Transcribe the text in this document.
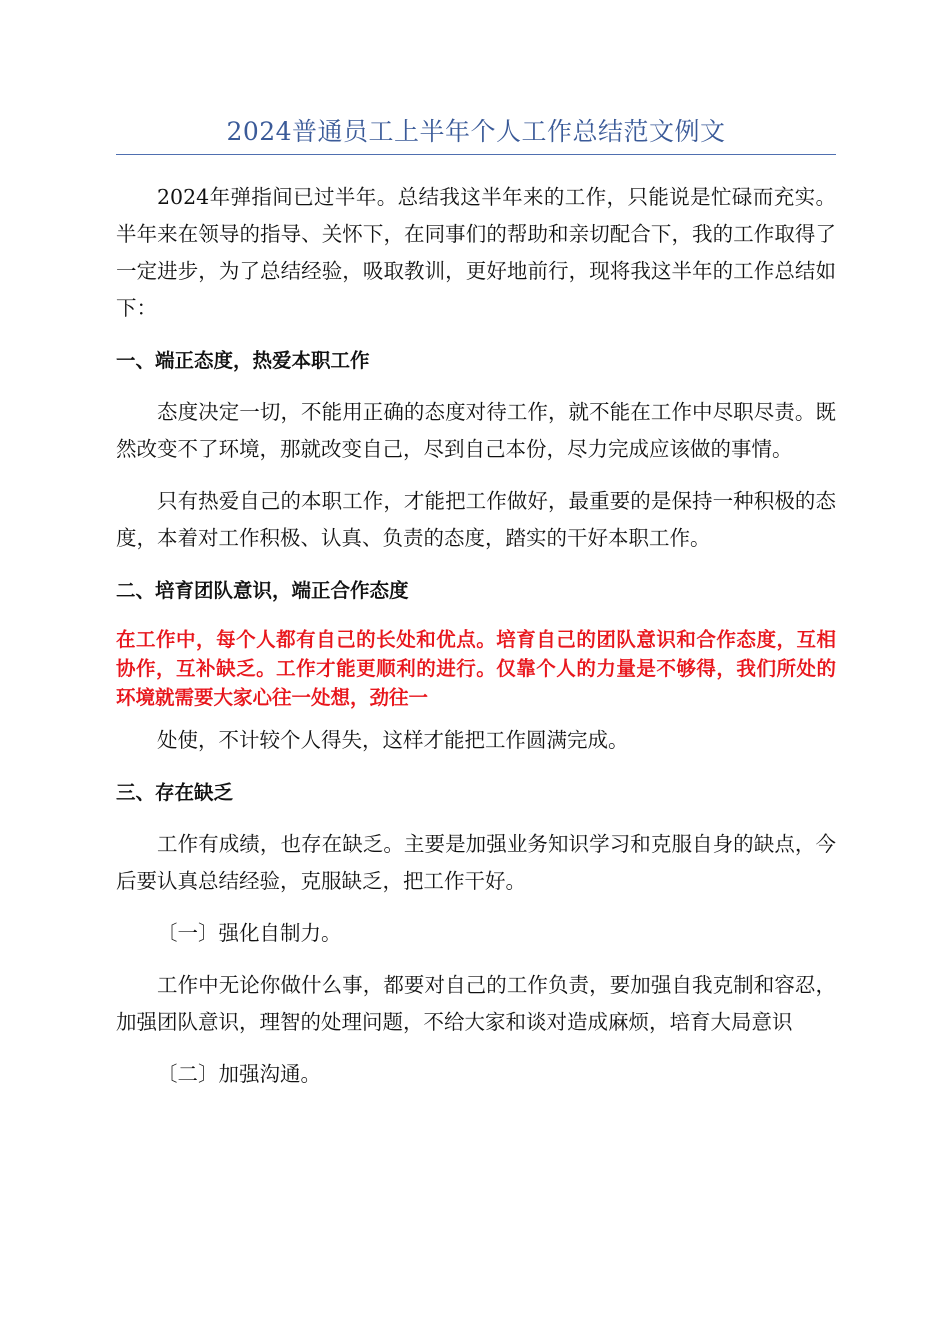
2024普通员工上半年个人工作总结范文例文

2024年弹指间已过半年。总结我这半年来的工作，只能说是忙碌而充实。半年来在领导的指导、关怀下，在同事们的帮助和亲切配合下，我的工作取得了一定进步，为了总结经验，吸取教训，更好地前行，现将我这半年的工作总结如下：

一、端正态度，热爱本职工作

态度决定一切，不能用正确的态度对待工作，就不能在工作中尽职尽责。既然改变不了环境，那就改变自己，尽到自己本份，尽力完成应该做的事情。

只有热爱自己的本职工作，才能把工作做好，最重要的是保持一种积极的态度，本着对工作积极、认真、负责的态度，踏实的干好本职工作。

二、培育团队意识，端正合作态度

在工作中，每个人都有自己的长处和优点。培育自己的团队意识和合作态度，互相协作，互补缺乏。工作才能更顺利的进行。仅靠个人的力量是不够得，我们所处的环境就需要大家心往一处想，劲往一

处使，不计较个人得失，这样才能把工作圆满完成。

三、存在缺乏

工作有成绩，也存在缺乏。主要是加强业务知识学习和克服自身的缺点，今后要认真总结经验，克服缺乏，把工作干好。

〔一〕强化自制力。

工作中无论你做什么事，都要对自己的工作负责，要加强自我克制和容忍，加强团队意识，理智的处理问题，不给大家和谈对造成麻烦，培育大局意识

〔二〕加强沟通。
